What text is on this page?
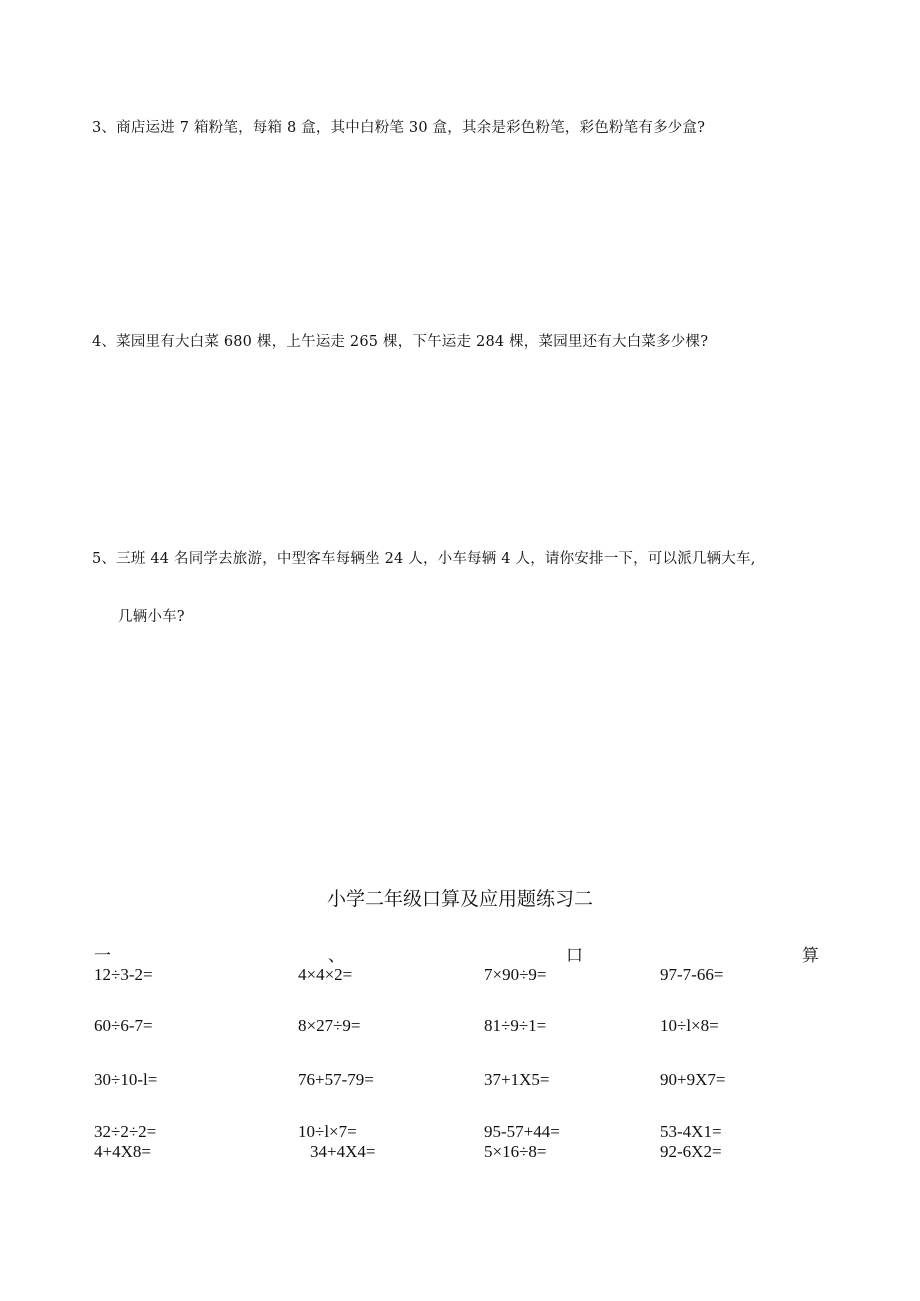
3、商店运进 7 箱粉笔，每箱 8 盒，其中白粉笔 30 盒，其余是彩色粉笔，彩色粉笔有多少盒?
4、菜园里有大白菜 680 棵，上午运走 265 棵，下午运走 284 棵，菜园里还有大白菜多少棵?
5、三班 44 名同学去旅游，中型客车每辆坐 24 人，小车每辆 4 人，请你安排一下，可以派几辆大车,
几辆小车?
小学二年级口算及应用题练习二
一	、	口	算
12÷3-2=	4×4×2=	7×90÷9=	97-7-66=
60÷6-7=	8×27÷9=	81÷9÷1=	10÷l×8=
30÷10-l=	76+57-79=	37+1X5=	90+9X7=
32÷2÷2=	10÷l×7=	95-57+44=	53-4X1=
4+4X8=	34+4X4=	5×16÷8=	92-6X2=
